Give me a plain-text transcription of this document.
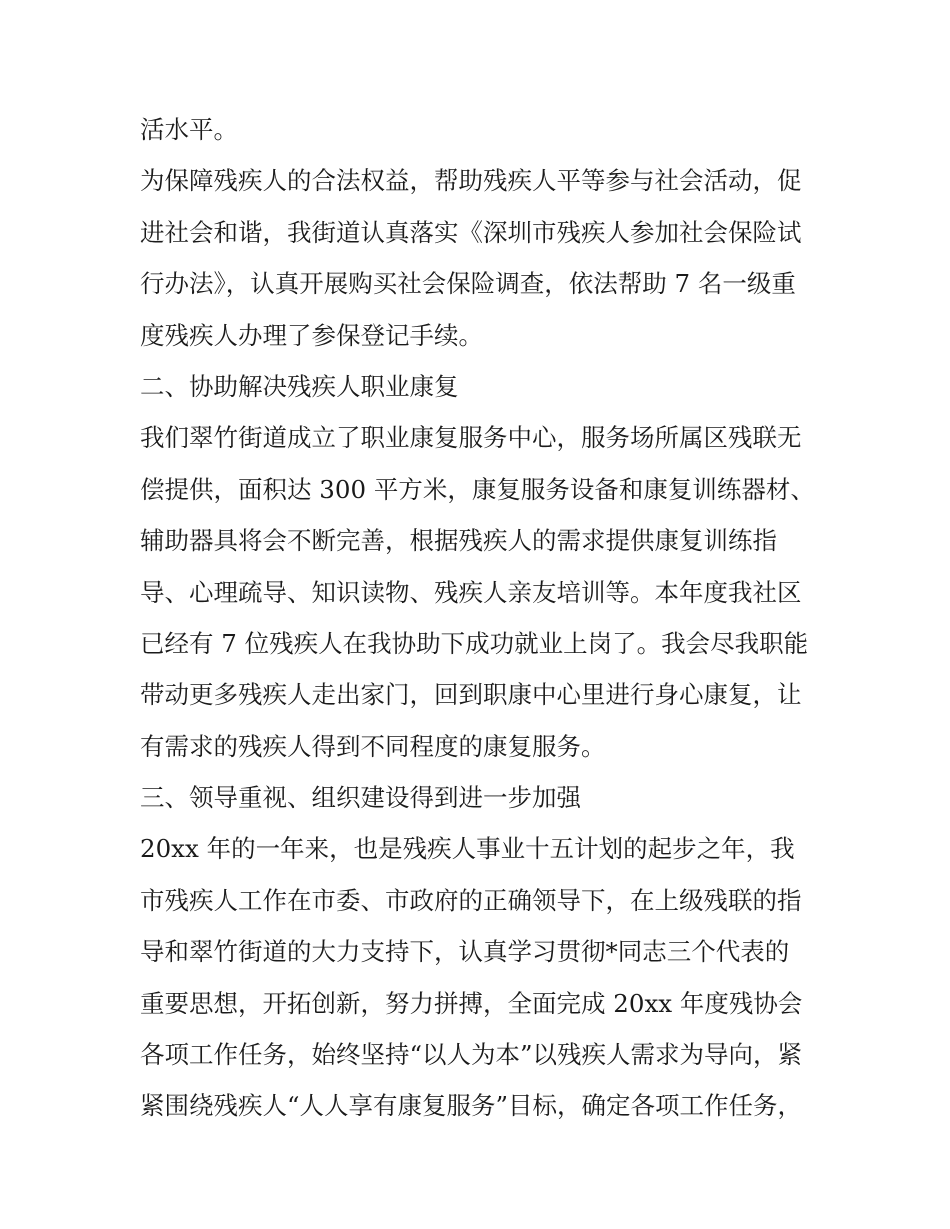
活水平。

为保障残疾人的合法权益，帮助残疾人平等参与社会活动，促

进社会和谐，我街道认真落实《深圳市残疾人参加社会保险试

行办法》，认真开展购买社会保险调查，依法帮助 7 名一级重

度残疾人办理了参保登记手续。

二、协助解决残疾人职业康复

我们翠竹街道成立了职业康复服务中心，服务场所属区残联无

偿提供，面积达 300 平方米，康复服务设备和康复训练器材、

辅助器具将会不断完善，根据残疾人的需求提供康复训练指

导、心理疏导、知识读物、残疾人亲友培训等。本年度我社区

已经有 7 位残疾人在我协助下成功就业上岗了。我会尽我职能

带动更多残疾人走出家门，回到职康中心里进行身心康复，让

有需求的残疾人得到不同程度的康复服务。

三、领导重视、组织建设得到进一步加强

20xx 年的一年来，也是残疾人事业十五计划的起步之年，我

市残疾人工作在市委、市政府的正确领导下，在上级残联的指

导和翠竹街道的大力支持下，认真学习贯彻*同志三个代表的

重要思想，开拓创新，努力拼搏，全面完成 20xx 年度残协会

各项工作任务，始终坚持“以人为本”以残疾人需求为导向，紧

紧围绕残疾人“人人享有康复服务”目标，确定各项工作任务，
